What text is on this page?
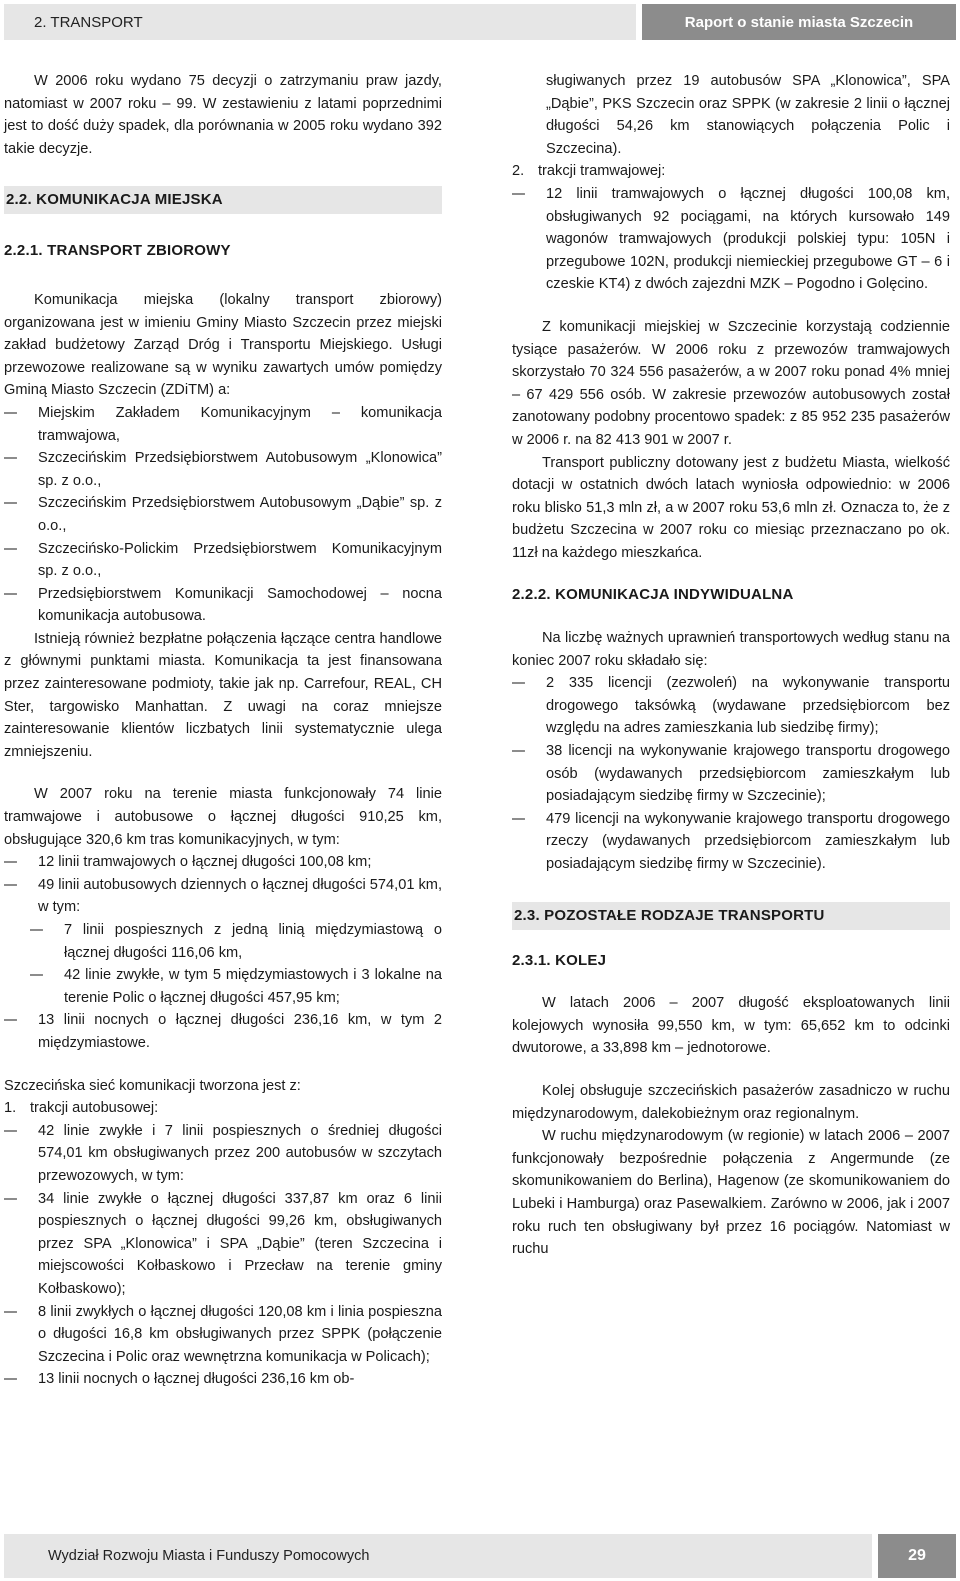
2. TRANSPORT	Raport o stanie miasta Szczecin

W 2006 roku wydano 75 decyzji o zatrzymaniu praw jazdy, natomiast w 2007 roku – 99. W zestawieniu z latami poprzednimi jest to dość duży spadek, dla porównania w 2005 roku wydano 392 takie decyzje.

2.2. KOMUNIKACJA MIEJSKA
2.2.1. TRANSPORT ZBIOROWY

Komunikacja miejska (lokalny transport zbiorowy) organizowana jest w imieniu Gminy Miasto Szczecin przez miejski zakład budżetowy Zarząd Dróg i Transportu Miejskiego. Usługi przewozowe realizowane są w wyniku zawartych umów pomiędzy Gminą Miasto Szczecin (ZDiTM) a:

– Miejskim Zakładem Komunikacyjnym – komunikacja tramwajowa,
– Szczecińskim Przedsiębiorstwem Autobusowym „Klonowica” sp. z o.o.,
– Szczecińskim Przedsiębiorstwem Autobusowym „Dąbie” sp. z o.o.,
– Szczecińsko-Polickim Przedsiębiorstwem Komunikacyjnym sp. z o.o.,
– Przedsiębiorstwem Komunikacji Samochodowej – nocna komunikacja autobusowa.

Istnieją również bezpłatne połączenia łączące centra handlowe z głównymi punktami miasta. Komunikacja ta jest finansowana przez zainteresowane podmioty, takie jak np. Carrefour, REAL, CH Ster, targowisko Manhattan. Z uwagi na coraz mniejsze zainteresowanie klientów liczbatych linii systematycznie ulega zmniejszeniu.

W 2007 roku na terenie miasta funkcjonowały 74 linie tramwajowe i autobusowe o łącznej długości 910,25 km, obsługujące 320,6 km tras komunikacyjnych, w tym:

– 12 linii tramwajowych o łącznej długości 100,08 km;
– 49 linii autobusowych dziennych o łącznej długości 574,01 km, w tym:
– 7 linii pospiesznych z jedną linią międzymiastową o łącznej długości 116,06 km,
– 42 linie zwykłe, w tym 5 międzymiastowych i 3 lokalne na terenie Polic o łącznej długości 457,95 km;
– 13 linii nocnych o łącznej długości 236,16 km, w tym 2 międzymiastowe.

Szczecińska sieć komunikacji tworzona jest z:

1. trakcji autobusowej:
– 42 linie zwykłe i 7 linii pospiesznych o średniej długości 574,01 km obsługiwanych przez 200 autobusów w szczytach przewozowych, w tym:
– 34 linie zwykłe o łącznej długości 337,87 km oraz 6 linii pospiesznych o łącznej długości 99,26 km, obsługiwanych przez SPA „Klonowica” i SPA „Dąbie” (teren Szczecina i miejscowości Kołbaskowo i Przecław na terenie gminy Kołbaskowo);
– 8 linii zwykłych o łącznej długości 120,08 km i linia pospieszna o długości 16,8 km obsługiwanych przez SPPK (połączenie Szczecina i Polic oraz wewnętrzna komunikacja w Policach);
– 13 linii nocnych o łącznej długości 236,16 km ob-

sługiwanych przez 19 autobusów SPA „Klonowica”, SPA „Dąbie”, PKS Szczecin oraz SPPK (w zakresie 2 linii o łącznej długości 54,26 km stanowiących połączenia Polic i Szczecina).

2. trakcji tramwajowej:
– 12 linii tramwajowych o łącznej długości 100,08 km, obsługiwanych 92 pociągami, na których kursowało 149 wagonów tramwajowych (produkcji polskiej typu: 105N i przegubowe 102N, produkcji niemieckiej przegubowe GT – 6 i czeskie KT4) z dwóch zajezdni MZK – Pogodno i Golęcino.

Z komunikacji miejskiej w Szczecinie korzystają codziennie tysiące pasażerów. W 2006 roku z przewozów tramwajowych skorzystało 70 324 556 pasażerów, a w 2007 roku ponad 4% mniej – 67 429 556 osób. W zakresie przewozów autobusowych został zanotowany podobny procentowo spadek: z 85 952 235 pasażerów w 2006 r. na 82 413 901 w 2007 r.

Transport publiczny dotowany jest z budżetu Miasta, wielkość dotacji w ostatnich dwóch latach wyniosła odpowiednio: w 2006 roku blisko 51,3 mln zł, a w 2007 roku 53,6 mln zł. Oznacza to, że z budżetu Szczecina w 2007 roku co miesiąc przeznaczano po ok. 11zł na każdego mieszkańca.

2.2.2. KOMUNIKACJA INDYWIDUALNA

Na liczbę ważnych uprawnień transportowych według stanu na koniec 2007 roku składało się:

– 2 335 licencji (zezwoleń) na wykonywanie transportu drogowego taksówką (wydawane przedsiębiorcom bez względu na adres zamieszkania lub siedzibę firmy);
– 38 licencji na wykonywanie krajowego transportu drogowego osób (wydawanych przedsiębiorcom zamieszkałym lub posiadającym siedzibę firmy w Szczecinie);
– 479 licencji na wykonywanie krajowego transportu drogowego rzeczy (wydawanych przedsiębiorcom zamieszkałym lub posiadającym siedzibę firmy w Szczecinie).
2.3. POZOSTAŁE RODZAJE TRANSPORTU
2.3.1. KOLEJ

W latach 2006 – 2007 długość eksploatowanych linii kolejowych wynosiła 99,550 km, w tym: 65,652 km to odcinki dwutorowe, a 33,898 km – jednotorowe.

Kolej obsługuje szczecińskich pasażerów zasadniczo w ruchu międzynarodowym, dalekobieżnym oraz regionalnym.

W ruchu międzynarodowym (w regionie) w latach 2006 – 2007 funkcjonowały bezpośrednie połączenia z Angermunde (ze skomunikowaniem do Berlina), Hagenow (ze skomunikowaniem do Lubeki i Hamburga) oraz Pasewalkiem. Zarówno w 2006, jak i 2007 roku ruch ten obsługiwany był przez 16 pociągów. Natomiast w ruchu

Wydział Rozwoju Miasta i Funduszy Pomocowych	29
